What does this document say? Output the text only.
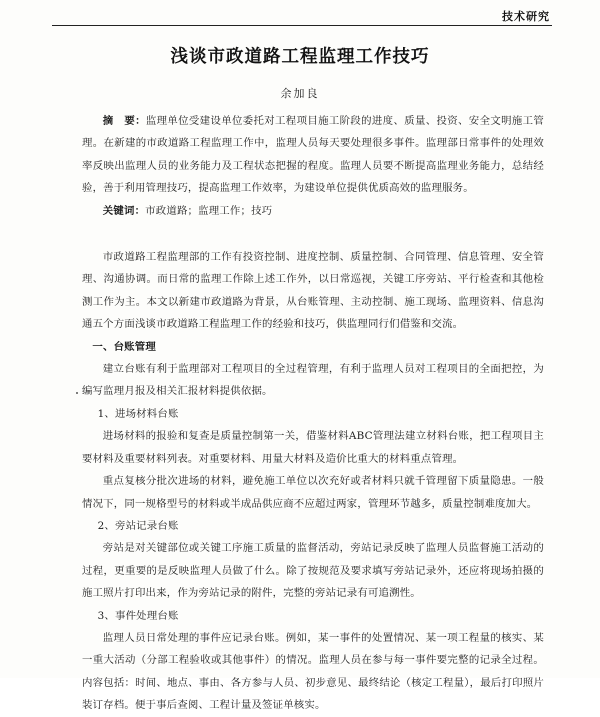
技术研究
浅谈市政道路工程监理工作技巧
余加良

摘　要：监理单位受建设单位委托对工程项目施工阶段的进度、质量、投资、安全文明施工管理。在新建的市政道路工程监理工作中，监理人员每天要处理很多事件。监理部日常事件的处理效率反映出监理人员的业务能力及工程状态把握的程度。监理人员要不断提高监理业务能力，总结经验，善于利用管理技巧，提高监理工作效率，为建设单位提供优质高效的监理服务。

关键词：市政道路；监理工作；技巧

市政道路工程监理部的工作有投资控制、进度控制、质量控制、合同管理、信息管理、安全管理、沟通协调。而日常的监理工作除上述工作外，以日常巡视，关键工序旁站、平行检查和其他检测工作为主。本文以新建市政道路为背景，从台账管理、主动控制、施工现场、监理资料、信息沟通五个方面浅谈市政道路工程监理工作的经验和技巧，供监理同行们借鉴和交流。

一、台账管理

建立台账有利于监理部对工程项目的全过程管理，有利于监理人员对工程项目的全面把控，为编写监理月报及相关汇报材料提供依据。

1、进场材料台账

进场材料的报验和复查是质量控制第一关，借鉴材料ABC管理法建立材料台账，把工程项目主要材料及重要材料列表。对重要材料、用量大材料及造价比重大的材料重点管理。

重点复核分批次进场的材料，避免施工单位以次充好或者材料只就千管理留下质量隐患。一般情况下，同一规格型号的材料或半成品供应商不应超过两家，管理环节越多，质量控制难度加大。

2、旁站记录台账

旁站是对关键部位或关键工序施工质量的监督活动，旁站记录反映了监理人员监督施工活动的过程，更重要的是反映监理人员做了什么。除了按规范及要求填写旁站记录外，还应将现场拍摄的施工照片打印出来，作为旁站记录的附件，完整的旁站记录有可追溯性。

3、事件处理台账

监理人员日常处理的事件应记录台账。例如，某一事件的处置情况、某一项工程量的核实、某一重大活动（分部工程验收或其他事件）的情况。监理人员在参与每一事件要完整的记录全过程。内容包括：时间、地点、事由、各方参与人员、初步意见、最终结论（核定工程量），最后打印照片装订存档。便于事后查阅、工程计量及签证单核实。
